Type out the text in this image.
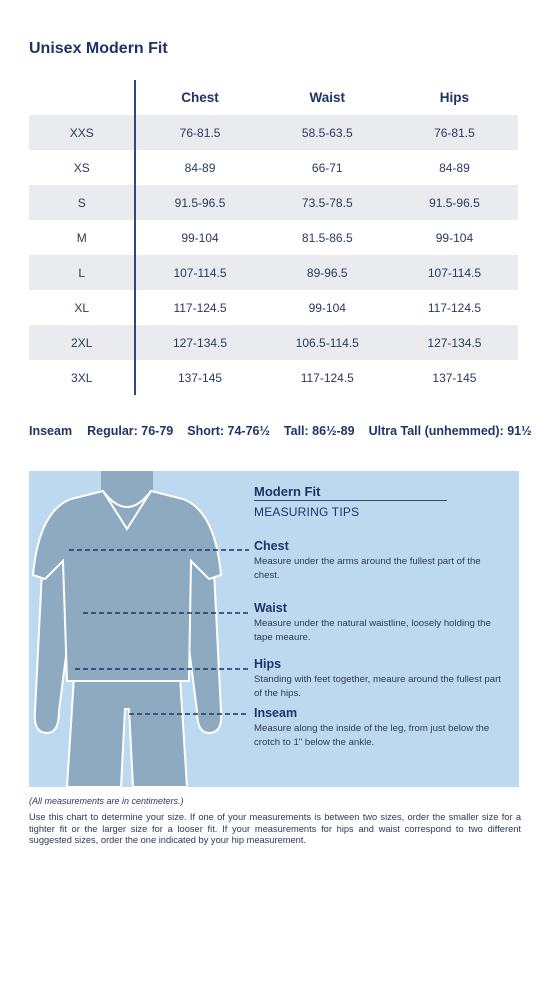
Unisex Modern Fit
	Chest	Waist	Hips
XXS	76-81.5	58.5-63.5	76-81.5
XS	84-89	66-71	84-89
S	91.5-96.5	73.5-78.5	91.5-96.5
M	99-104	81.5-86.5	99-104
L	107-114.5	89-96.5	107-114.5
XL	117-124.5	99-104	117-124.5
2XL	127-134.5	106.5-114.5	127-134.5
3XL	137-145	117-124.5	137-145
Inseam Regular: 76-79 Short: 74-76½ Tall: 86½-89 Ultra Tall (unhemmed): 91½
Modern Fit
MEASURING TIPS
Chest
Measure under the arms around the fullest part of the chest.
Waist
Measure under the natural waistline, loosely holding the tape meaure.
Hips
Standing with feet together, meaure around the fullest part of the hips.
Inseam
Measure along the inside of the leg, from just below the crotch to 1" below the ankle.
(All measurements are in centimeters.)
Use this chart to determine your size. If one of your measurements is between two sizes, order the smaller size for a tighter fit or the larger size for a looser fit. If your measurements for hips and waist correspond to two different suggested sizes, order the one indicated by your hip measurement.
